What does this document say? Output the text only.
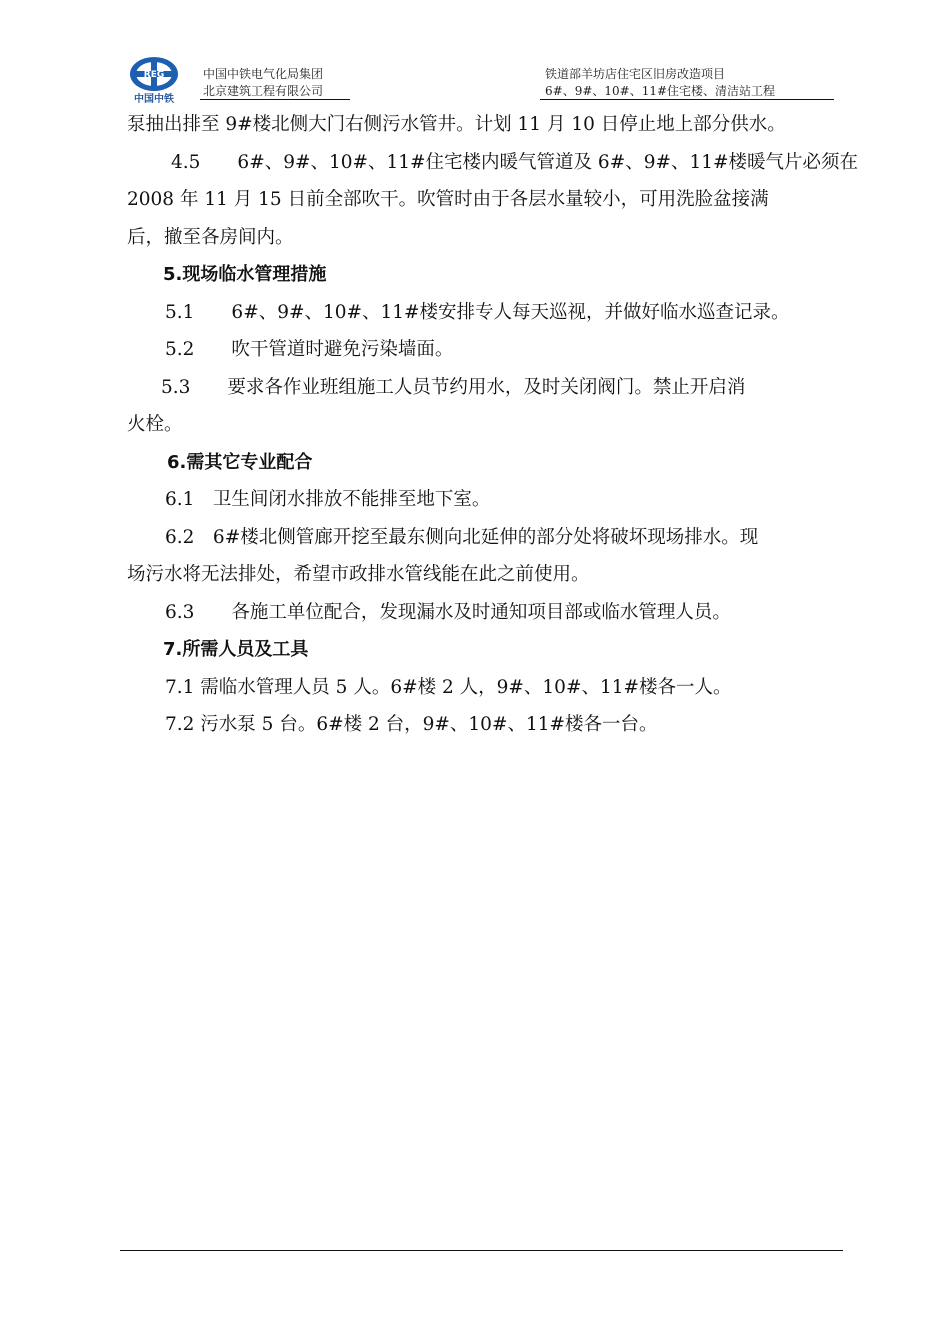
REG
中国中铁
中国中铁电气化局集团
北京建筑工程有限公司
铁道部羊坊店住宅区旧房改造项目
6#、9#、10#、11#住宅楼、清洁站工程

泵抽出排至 9#楼北侧大门右侧污水管井。计划 11 月 10 日停止地上部分供水。

4.5　　6#、9#、10#、11#住宅楼内暖气管道及 6#、9#、11#楼暖气片必须在

2008 年 11 月 15 日前全部吹干。吹管时由于各层水量较小，可用洗脸盆接满

后，撤至各房间内。

5.现场临水管理措施

5.1　　6#、9#、10#、11#楼安排专人每天巡视，并做好临水巡查记录。

5.2　　吹干管道时避免污染墙面。

5.3　　要求各作业班组施工人员节约用水，及时关闭阀门。禁止开启消

火栓。

6.需其它专业配合

6.1　卫生间闭水排放不能排至地下室。

6.2　6#楼北侧管廊开挖至最东侧向北延伸的部分处将破坏现场排水。现

场污水将无法排处，希望市政排水管线能在此之前使用。

6.3　　各施工单位配合，发现漏水及时通知项目部或临水管理人员。

7.所需人员及工具

7.1 需临水管理人员 5 人。6#楼 2 人，9#、10#、11#楼各一人。

7.2 污水泵 5 台。6#楼 2 台，9#、10#、11#楼各一台。
